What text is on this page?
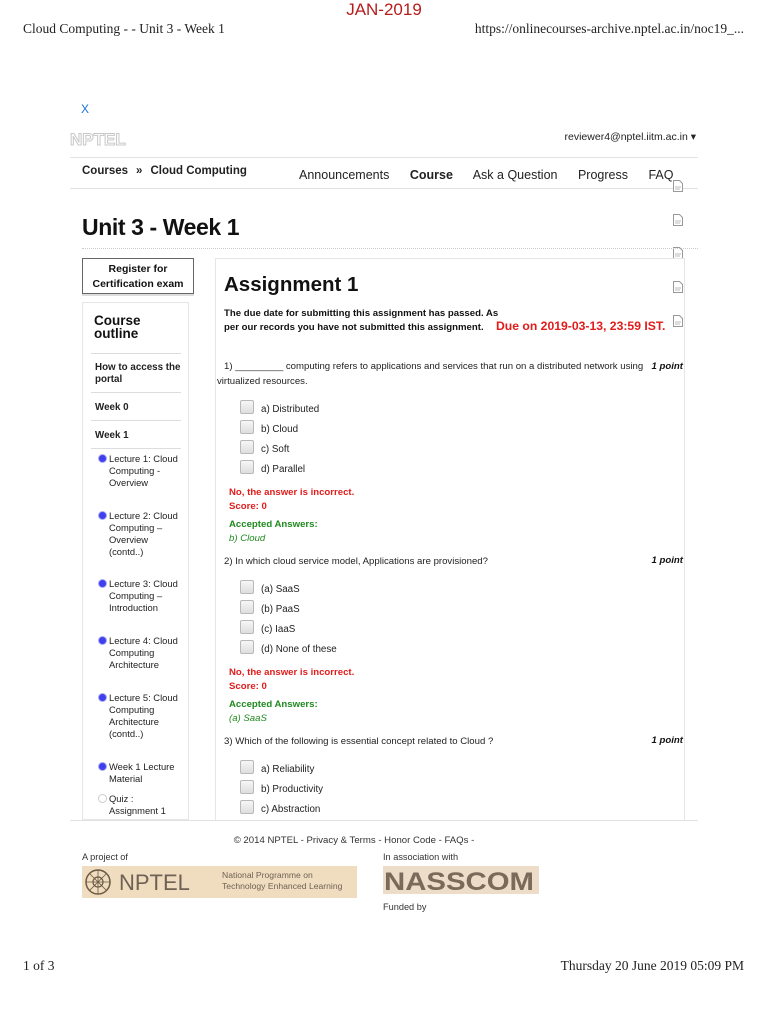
JAN-2019
Cloud Computing - - Unit 3 - Week 1	https://onlinecourses-archive.nptel.ac.in/noc19_...
X
NPTEL	reviewer4@nptel.iitm.ac.in ▾
Courses » Cloud Computing	Announcements Course Ask a Question Progress FAQ
Unit 3 - Week 1
Register for Certification exam
Course outline
How to access the portal
Week 0
Week 1
Lecture 1: Cloud Computing - Overview
Lecture 2: Cloud Computing – Overview (contd..)
Lecture 3: Cloud Computing – Introduction
Lecture 4: Cloud Computing Architecture
Lecture 5: Cloud Computing Architecture (contd..)
Week 1 Lecture Material
Quiz : Assignment 1
Assignment 1
The due date for submitting this assignment has passed. As per our records you have not submitted this assignment.	Due on 2019-03-13, 23:59 IST.
1) _________ computing refers to applications and services that run on a distributed network using virtualized resources.
1 point
a) Distributed
b) Cloud
c) Soft
d) Parallel
No, the answer is incorrect.
Score: 0
Accepted Answers:
b) Cloud
2) In which cloud service model, Applications are provisioned?	1 point
(a) SaaS
(b) PaaS
(c) IaaS
(d) None of these
No, the answer is incorrect.
Score: 0
Accepted Answers:
(a) SaaS
3) Which of the following is essential concept related to Cloud ?	1 point
a) Reliability
b) Productivity
c) Abstraction
© 2014 NPTEL - Privacy & Terms - Honor Code - FAQs -
A project of	In association with
NPTEL	National Programme on Technology Enhanced Learning	NASSCOM
Funded by
1 of 3	Thursday 20 June 2019 05:09 PM
